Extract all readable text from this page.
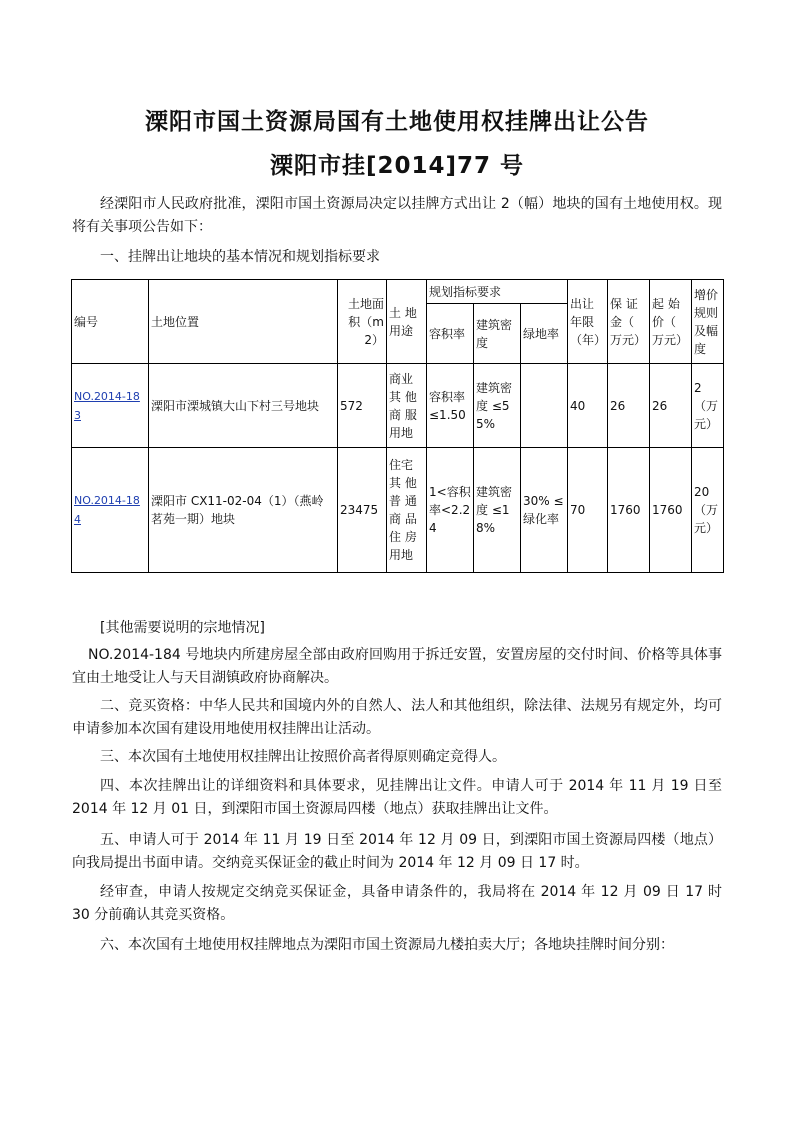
溧阳市国土资源局国有土地使用权挂牌出让公告
溧阳市挂[2014]77 号
经溧阳市人民政府批准，溧阳市国土资源局决定以挂牌方式出让 2（幅）地块的国有土地使用权。现将有关事项公告如下：
一、挂牌出让地块的基本情况和规划指标要求
编号	土地位置	土地面积（m2）	土 地用途	规划指标要求			出让年限（年）	保 证金（ 万元）	起 始价（ 万元）	增价规则及幅度
				容积率	建筑密度	绿地率				
NO.2014-183	溧阳市溧城镇大山下村三号地块	572	商业 其 他商 服用地	容积率≤1.50	建筑密度 ≤55%		40	26	26	2 （万元）
NO.2014-184	溧阳市 CX11-02-04（1）（燕岭茗苑一期）地块	23475	住宅 其 他普 通商 品住 房用地	1<容积率<2.24	建筑密度 ≤18%	30% ≤绿化率	70	1760	1760	20 （万元）
[其他需要说明的宗地情况]
NO.2014-184 号地块内所建房屋全部由政府回购用于拆迁安置，安置房屋的交付时间、价格等具体事宜由土地受让人与天目湖镇政府协商解决。
二、竞买资格：中华人民共和国境内外的自然人、法人和其他组织，除法律、法规另有规定外，均可申请参加本次国有建设用地使用权挂牌出让活动。
三、本次国有土地使用权挂牌出让按照价高者得原则确定竞得人。
四、本次挂牌出让的详细资料和具体要求，见挂牌出让文件。申请人可于 2014 年 11 月 19 日至 2014 年 12 月 01 日，到溧阳市国土资源局四楼（地点）获取挂牌出让文件。
五、申请人可于 2014 年 11 月 19 日至 2014 年 12 月 09 日，到溧阳市国土资源局四楼（地点）向我局提出书面申请。交纳竞买保证金的截止时间为 2014 年 12 月 09 日 17 时。
经审查，申请人按规定交纳竞买保证金，具备申请条件的，我局将在 2014 年 12 月 09 日 17 时 30 分前确认其竞买资格。
六、本次国有土地使用权挂牌地点为溧阳市国土资源局九楼拍卖大厅；各地块挂牌时间分别：
